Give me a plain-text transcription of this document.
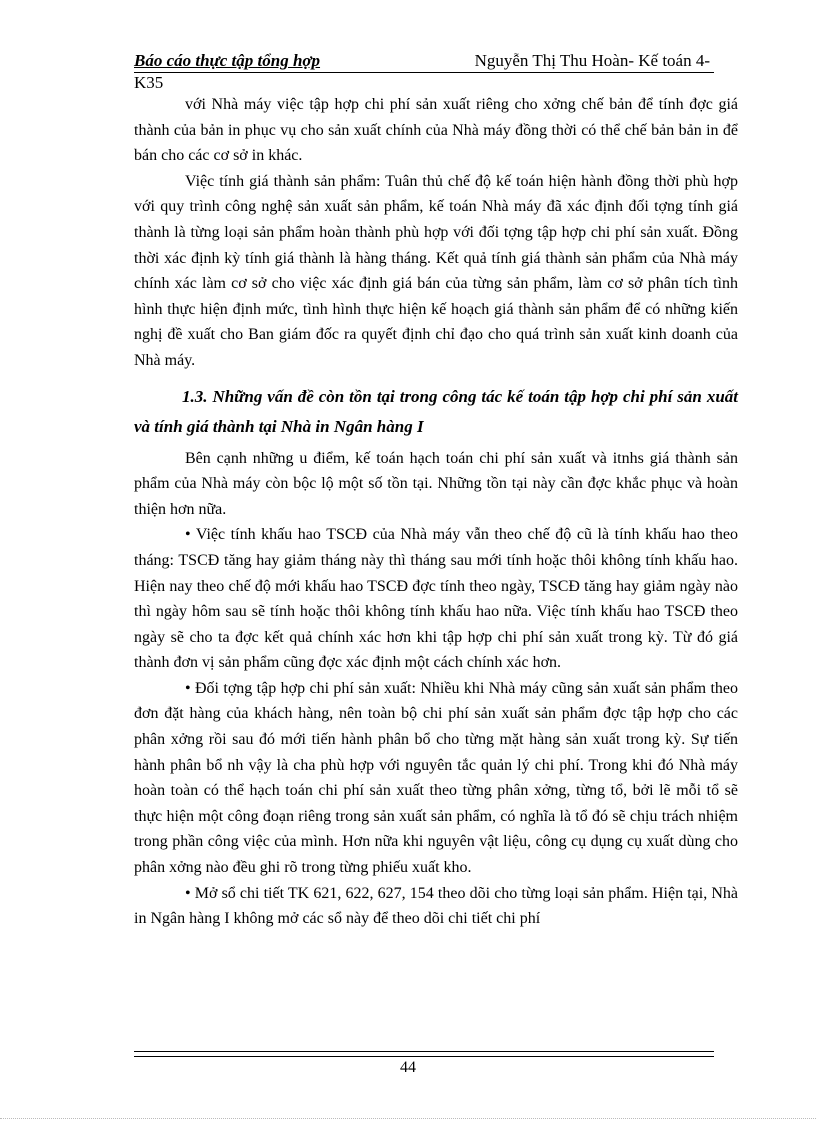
Báo cáo thực tập tổng hợp	Nguyễn Thị Thu Hoàn- Kế toán 4-
K35

với Nhà máy việc tập hợp chi phí sản xuất riêng cho xởng chế bản để tính đợc giá thành của bản in phục vụ cho sản xuất chính của Nhà máy đồng thời có thể chế bản bản in để bán cho các cơ sở in khác.

Việc tính giá thành sản phẩm: Tuân thủ chế độ kế toán hiện hành đồng thời phù hợp với quy trình công nghệ sản xuất sản phẩm, kế toán Nhà máy đã xác định đối tợng tính giá thành là từng loại sản phẩm hoàn thành phù hợp với đối tợng tập hợp chi phí sản xuất. Đồng thời xác định kỳ tính giá thành là hàng tháng. Kết quả tính giá thành sản phẩm của Nhà máy chính xác làm cơ sở cho việc xác định giá bán của từng sản phẩm, làm cơ sở phân tích tình hình thực hiện định mức, tình hình thực hiện kế hoạch giá thành sản phẩm để có những kiến nghị đề xuất cho Ban giám đốc ra quyết định chỉ đạo cho quá trình sản xuất kinh doanh của Nhà máy.

1.3. Những vấn đề còn tồn tại trong công tác kế toán tập hợp chi phí sản xuất và tính giá thành tại Nhà in Ngân hàng I

Bên cạnh những u điểm, kế toán hạch toán chi phí sản xuất và itnhs giá thành sản phẩm của Nhà máy còn bộc lộ một số tồn tại. Những tồn tại này cần đợc khắc phục và hoàn thiện hơn nữa.

• Việc tính khấu hao TSCĐ của Nhà máy vẫn theo chế độ cũ là tính khấu hao theo tháng: TSCĐ tăng hay giảm tháng này thì tháng sau mới tính hoặc thôi không tính khấu hao. Hiện nay theo chế độ mới khấu hao TSCĐ đợc tính theo ngày, TSCĐ tăng hay giảm ngày nào thì ngày hôm sau sẽ tính hoặc thôi không tính khấu hao nữa. Việc tính khấu hao TSCĐ theo ngày sẽ cho ta đợc kết quả chính xác hơn khi tập hợp chi phí sản xuất trong kỳ. Từ đó giá thành đơn vị sản phẩm cũng đợc xác định một cách chính xác hơn.

• Đối tợng tập hợp chi phí sản xuất: Nhiều khi Nhà máy cũng sản xuất sản phẩm theo đơn đặt hàng của khách hàng, nên toàn bộ chi phí sản xuất sản phẩm đợc tập hợp cho các phân xởng rồi sau đó mới tiến hành phân bổ cho từng mặt hàng sản xuất trong kỳ. Sự tiến hành phân bổ nh vậy là cha phù hợp với nguyên tắc quản lý chi phí. Trong khi đó Nhà máy hoàn toàn có thể hạch toán chi phí sản xuất theo từng phân xởng, từng tổ, bởi lẽ mỗi tổ sẽ thực hiện một công đoạn riêng trong sản xuất sản phẩm, có nghĩa là tổ đó sẽ chịu trách nhiệm trong phần công việc của mình. Hơn nữa khi nguyên vật liệu, công cụ dụng cụ xuất dùng cho phân xởng nào đều ghi rõ trong từng phiếu xuất kho.

• Mở sổ chi tiết TK 621, 622, 627, 154 theo dõi cho từng loại sản phẩm. Hiện tại, Nhà in Ngân hàng I không mở các sổ này để theo dõi chi tiết chi phí

44
